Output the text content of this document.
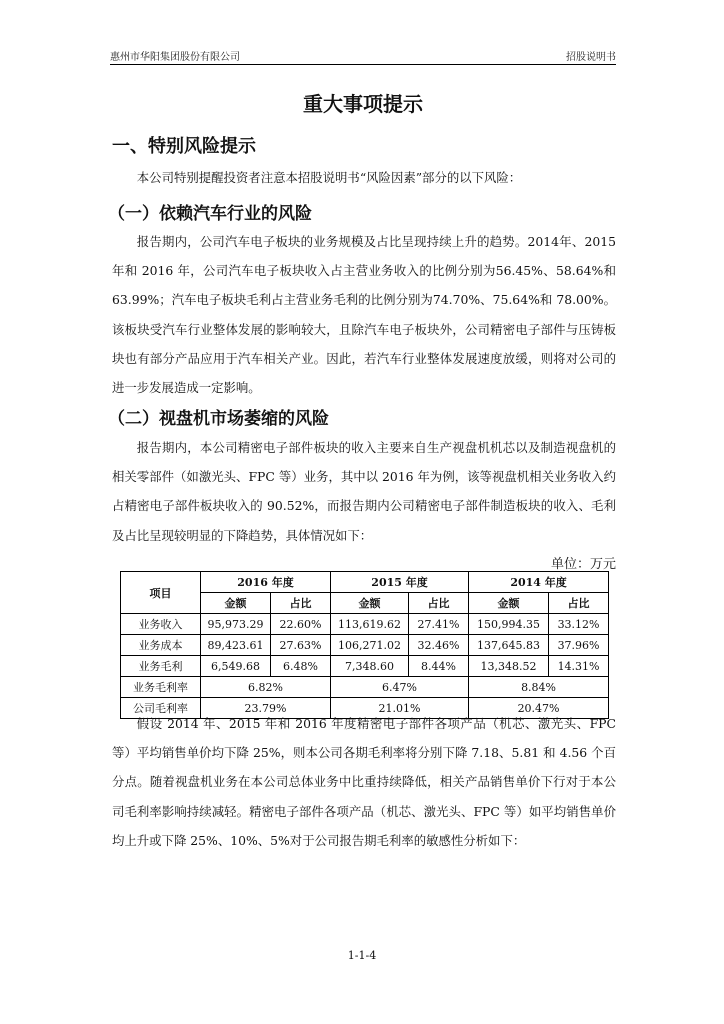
惠州市华阳集团股份有限公司	招股说明书
重大事项提示
一、特别风险提示

本公司特别提醒投资者注意本招股说明书“风险因素”部分的以下风险：

（一）依赖汽车行业的风险

报告期内，公司汽车电子板块的业务规模及占比呈现持续上升的趋势。2014年、2015 年和 2016 年，公司汽车电子板块收入占主营业务收入的比例分别为56.45%、58.64%和 63.99%；汽车电子板块毛利占主营业务毛利的比例分别为74.70%、75.64%和 78.00%。该板块受汽车行业整体发展的影响较大，且除汽车电子板块外，公司精密电子部件与压铸板块也有部分产品应用于汽车相关产业。因此，若汽车行业整体发展速度放缓，则将对公司的进一步发展造成一定影响。

（二）视盘机市场萎缩的风险

报告期内，本公司精密电子部件板块的收入主要来自生产视盘机机芯以及制造视盘机的相关零部件（如激光头、FPC 等）业务，其中以 2016 年为例，该等视盘机相关业务收入约占精密电子部件板块收入的 90.52%，而报告期内公司精密电子部件制造板块的收入、毛利及占比呈现较明显的下降趋势，具体情况如下：

单位：万元
项目	2016 年度		2015 年度		2014 年度	
	金额	占比	金额	占比	金额	占比
业务收入	95,973.29	22.60%	113,619.62	27.41%	150,994.35	33.12%
业务成本	89,423.61	27.63%	106,271.02	32.46%	137,645.83	37.96%
业务毛利	6,549.68	6.48%	7,348.60	8.44%	13,348.52	14.31%
业务毛利率	6.82%		6.47%		8.84%	
公司毛利率	23.79%		21.01%		20.47%	

假设 2014 年、2015 年和 2016 年度精密电子部件各项产品（机芯、激光头、FPC 等）平均销售单价均下降 25%，则本公司各期毛利率将分别下降 7.18、5.81 和 4.56 个百分点。随着视盘机业务在本公司总体业务中比重持续降低，相关产品销售单价下行对于本公司毛利率影响持续减轻。精密电子部件各项产品（机芯、激光头、FPC 等）如平均销售单价均上升或下降 25%、10%、5%对于公司报告期毛利率的敏感性分析如下：

1-1-4
